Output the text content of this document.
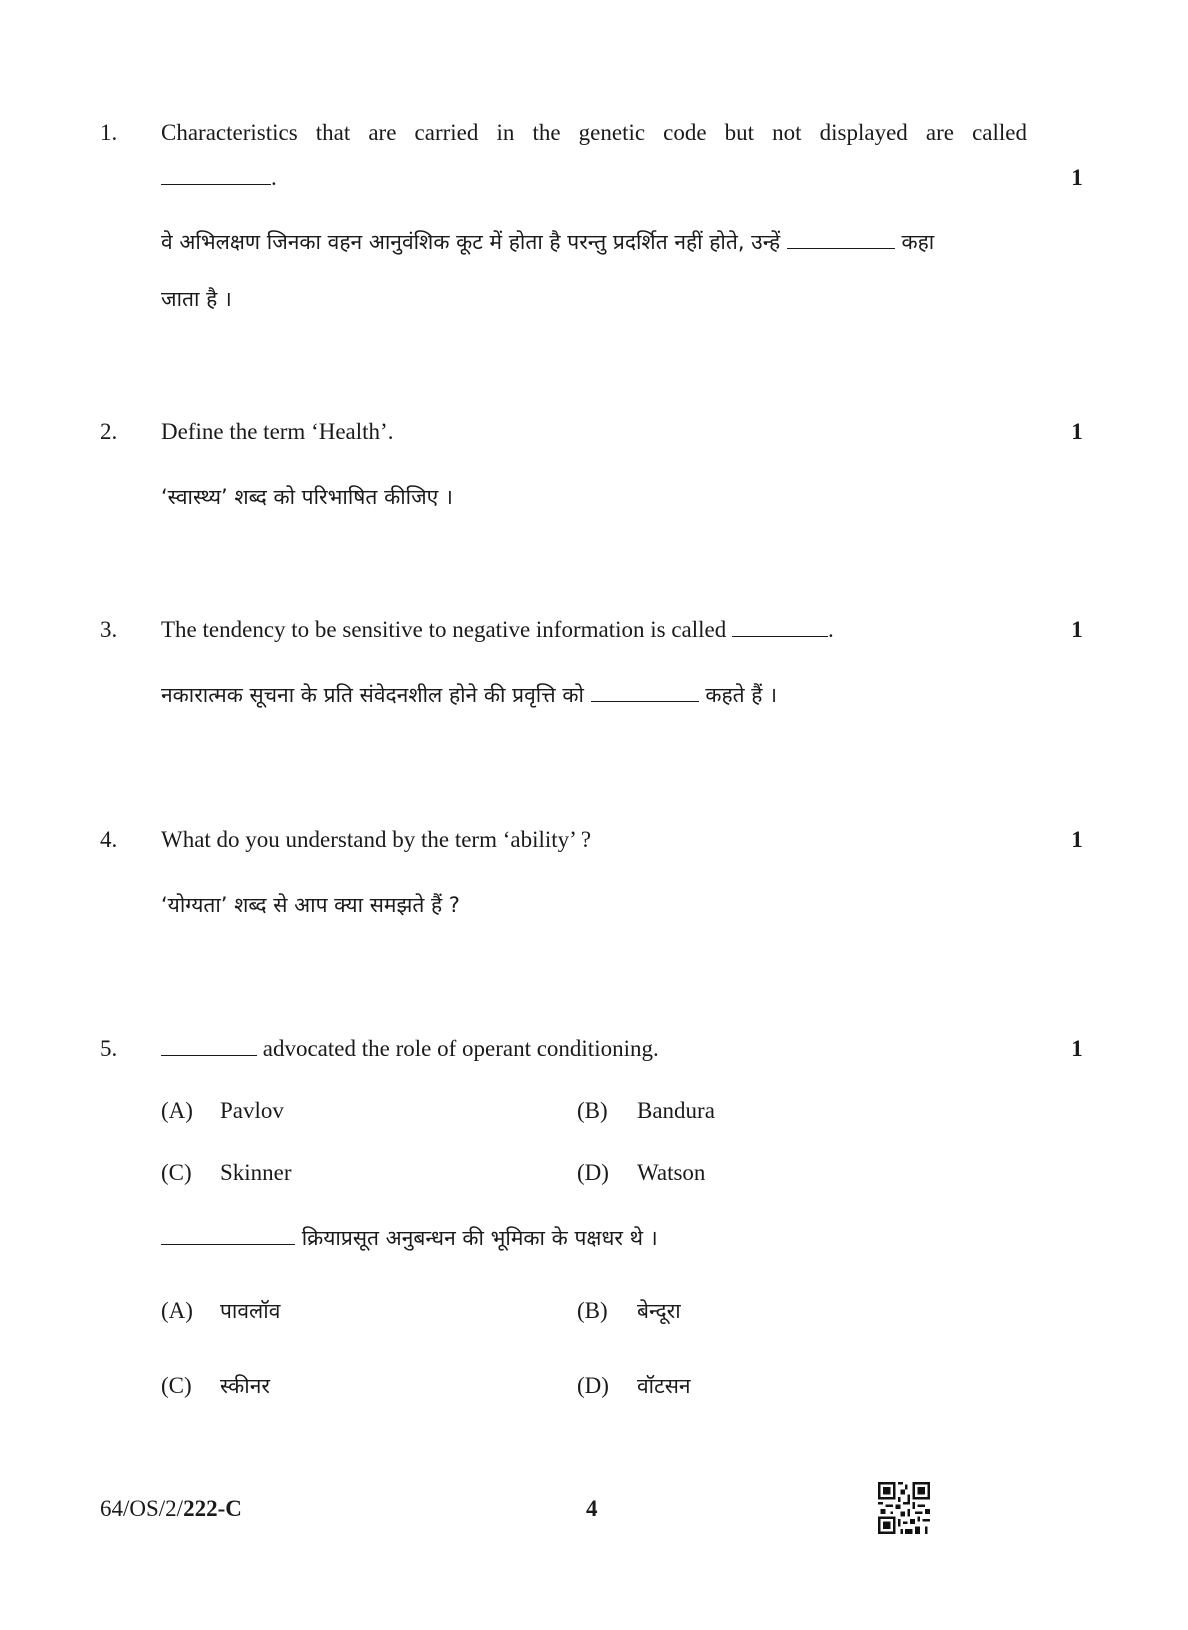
1. Characteristics that are carried in the genetic code but not displayed are called
.	1
वे अभिलक्षण जिनका वहन आनुवंशिक कूट में होता है परन्तु प्रदर्शित नहीं होते, उन्हें	कहा
जाता है ।
2. Define the term ‘Health’.	1
‘स्वास्थ्य’ शब्द को परिभाषित कीजिए ।
3. The tendency to be sensitive to negative information is called	.	1
नकारात्मक सूचना के प्रति संवेदनशील होने की प्रवृत्ति को	कहते हैं ।
4. What do you understand by the term ‘ability’ ?	1
‘योग्यता’ शब्द से आप क्या समझते हैं ?
5.	advocated the role of operant conditioning.	1
(A) Pavlov	(B) Bandura
(C) Skinner	(D) Watson
क्रियाप्रसूत अनुबन्धन की भूमिका के पक्षधर थे ।
(A) पावलॉव	(B) बेन्दूरा
(C) स्कीनर	(D) वॉटसन
64/OS/2/222-C	4
